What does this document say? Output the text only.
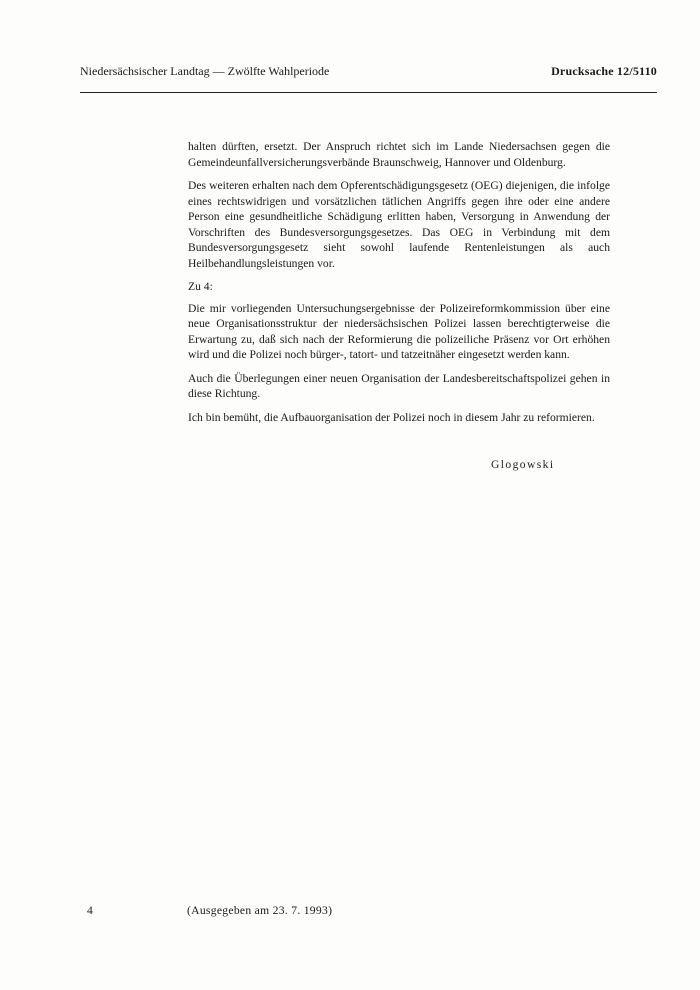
Niedersächsischer Landtag — Zwölfte Wahlperiode	Drucksache 12/5110

halten dürften, ersetzt. Der Anspruch richtet sich im Lande Niedersachsen gegen die Gemeindeunfallversicherungsverbände Braunschweig, Hannover und Oldenburg.

Des weiteren erhalten nach dem Opferentschädigungsgesetz (OEG) diejenigen, die infolge eines rechtswidrigen und vorsätzlichen tätlichen Angriffs gegen ihre oder eine andere Person eine gesundheitliche Schädigung erlitten haben, Versorgung in Anwendung der Vorschriften des Bundesversorgungsgesetzes. Das OEG in Verbindung mit dem Bundesversorgungsgesetz sieht sowohl laufende Rentenleistungen als auch Heilbehandlungsleistungen vor.

Zu 4:

Die mir vorliegenden Untersuchungsergebnisse der Polizeireformkommission über eine neue Organisationsstruktur der niedersächsischen Polizei lassen berechtigterweise die Erwartung zu, daß sich nach der Reformierung die polizeiliche Präsenz vor Ort erhöhen wird und die Polizei noch bürger-, tatort- und tatzeitnäher eingesetzt werden kann.

Auch die Überlegungen einer neuen Organisation der Landesbereitschaftspolizei gehen in diese Richtung.

Ich bin bemüht, die Aufbauorganisation der Polizei noch in diesem Jahr zu reformieren.

Glogowski
4	(Ausgegeben am 23. 7. 1993)
